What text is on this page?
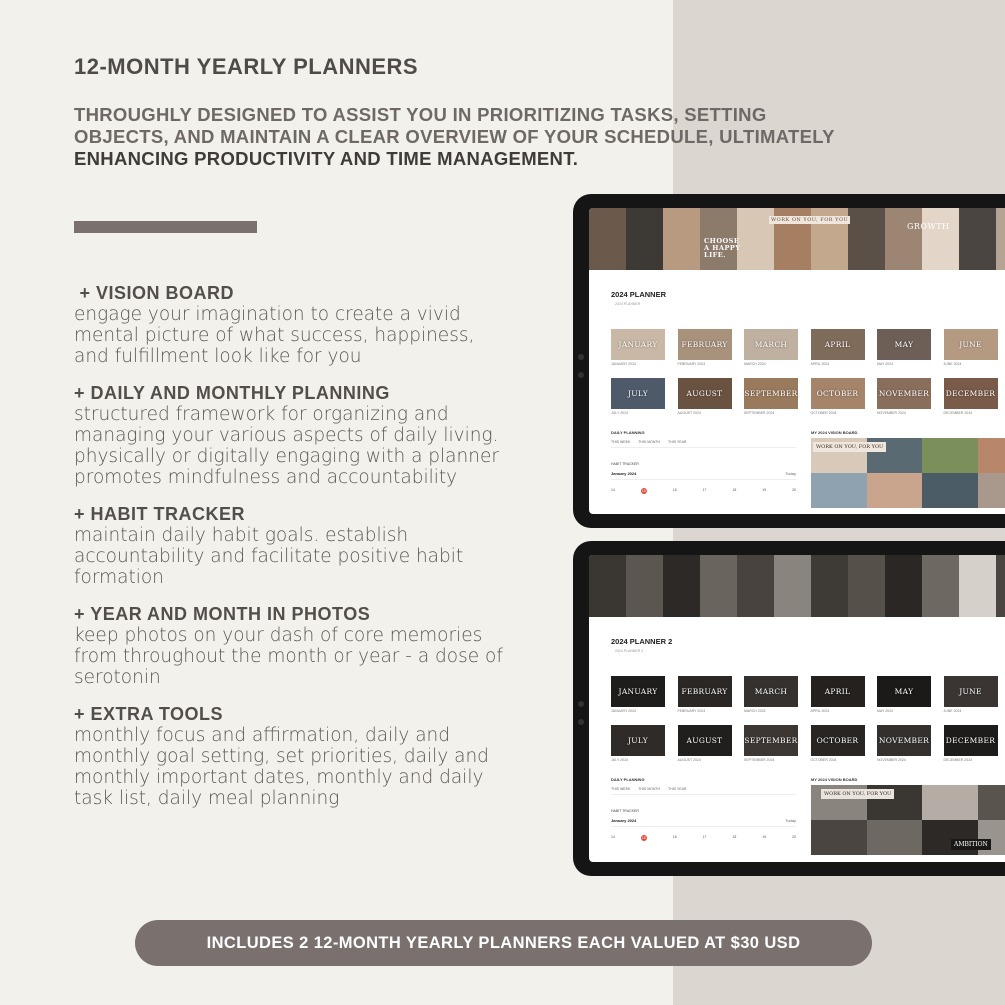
12-MONTH YEARLY PLANNERS
THROUGHLY DESIGNED TO ASSIST YOU IN PRIORITIZING TASKS, SETTING
OBJECTS, AND MAINTAIN A CLEAR OVERVIEW OF YOUR SCHEDULE, ULTIMATELY
ENHANCING PRODUCTIVITY AND TIME MANAGEMENT.
+ VISION BOARD
engage your imagination to create a vivid mental picture of what success, happiness, and fulfillment look like for you
+ DAILY AND MONTHLY PLANNING
structured framework for organizing and managing your various aspects of daily living. physically or digitally engaging with a planner promotes mindfulness and accountability
+ HABIT TRACKER
maintain daily habit goals. establish accountability and facilitate positive habit formation
+ YEAR AND MONTH IN PHOTOS
keep photos on your dash of core memories from throughout the month or year - a dose of serotonin
+ EXTRA TOOLS
monthly focus and affirmation, daily and monthly goal setting, set priorities, daily and monthly important dates, monthly and daily task list, daily meal planning
WORK ON YOU, FOR YOU
CHOOSE A HAPPY LIFE.
GROWTH
2024 PLANNER
2024 PLANNER
JANUARY
JANUARY 2024
FEBRUARY
FEBRUARY 2024
MARCH
MARCH 2024
APRIL
APRIL 2024
MAY
MAY 2024
JUNE
JUNE 2024
JULY
JULY 2024
AUGUST
AUGUST 2024
SEPTEMBER
SEPTEMBER 2024
OCTOBER
OCTOBER 2024
NOVEMBER
NOVEMBER 2024
DECEMBER
DECEMBER 2024
DAILY PLANNING
THIS WEEK THIS MONTH THIS YEAR
HABIT TRACKER
January 2024	Today
14	15	16	17	18	19	20
MY 2024 VISION BOARD
WORK ON YOU, FOR YOU
2024 PLANNER 2
2024 PLANNER 2
JANUARY
JANUARY 2024
FEBRUARY
FEBRUARY 2024
MARCH
MARCH 2024
APRIL
APRIL 2024
MAY
MAY 2024
JUNE
JUNE 2024
JULY
JULY 2024
AUGUST
AUGUST 2024
SEPTEMBER
SEPTEMBER 2024
OCTOBER
OCTOBER 2024
NOVEMBER
NOVEMBER 2024
DECEMBER
DECEMBER 2024
DAILY PLANNING
THIS WEEK THIS MONTH THIS YEAR
HABIT TRACKER
January 2024	Today
14	15	16	17	18	19	20
MY 2024 VISION BOARD
WORK ON YOU, FOR YOU
AMBITION
INCLUDES 2 12-MONTH YEARLY PLANNERS EACH VALUED AT $30 USD
